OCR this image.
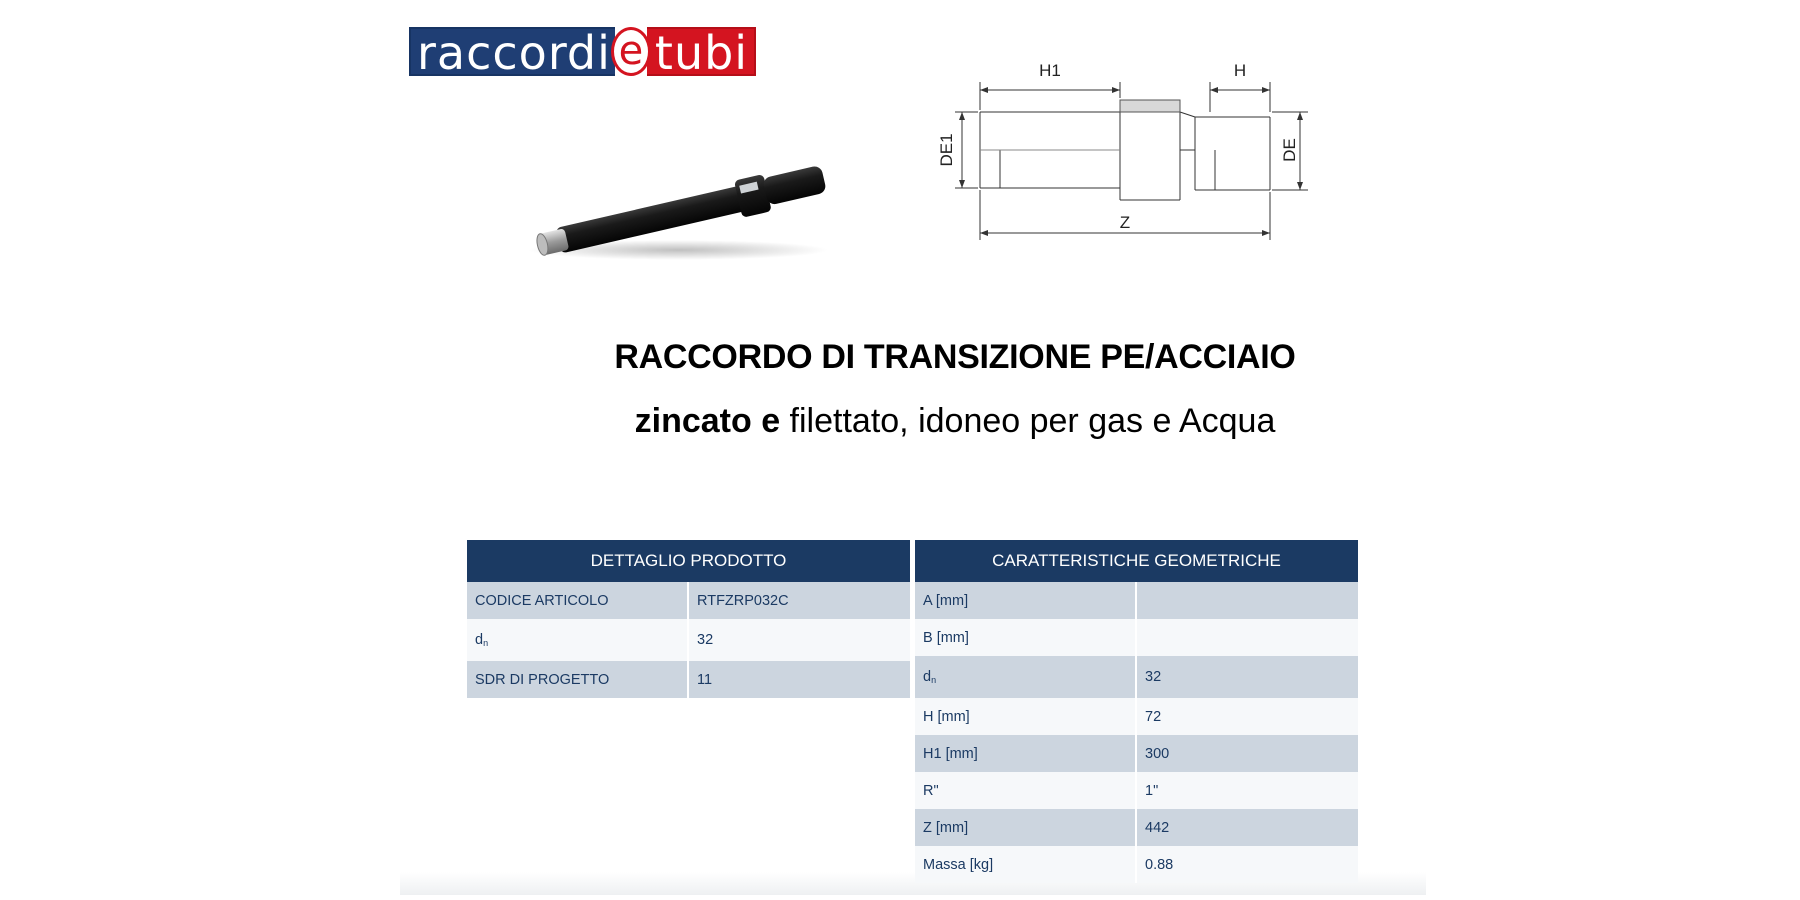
raccordi e tubi	H1	H
DE1	DE
Z
RACCORDO DI TRANSIZIONE PE/ACCIAIO
zincato e filettato, idoneo per gas e Acqua
DETTAGLIO PRODOTTO	
CODICE ARTICOLO	RTFZRP032C
$d_n$	32
SDR DI PROGETTO	11
CARATTERISTICHE GEOMETRICHE	
A [mm]	
B [mm]	
$d_n$	32
H [mm]	72
H1 [mm]	300
R"	1"
Z [mm]	442
Massa [kg]	0.88
